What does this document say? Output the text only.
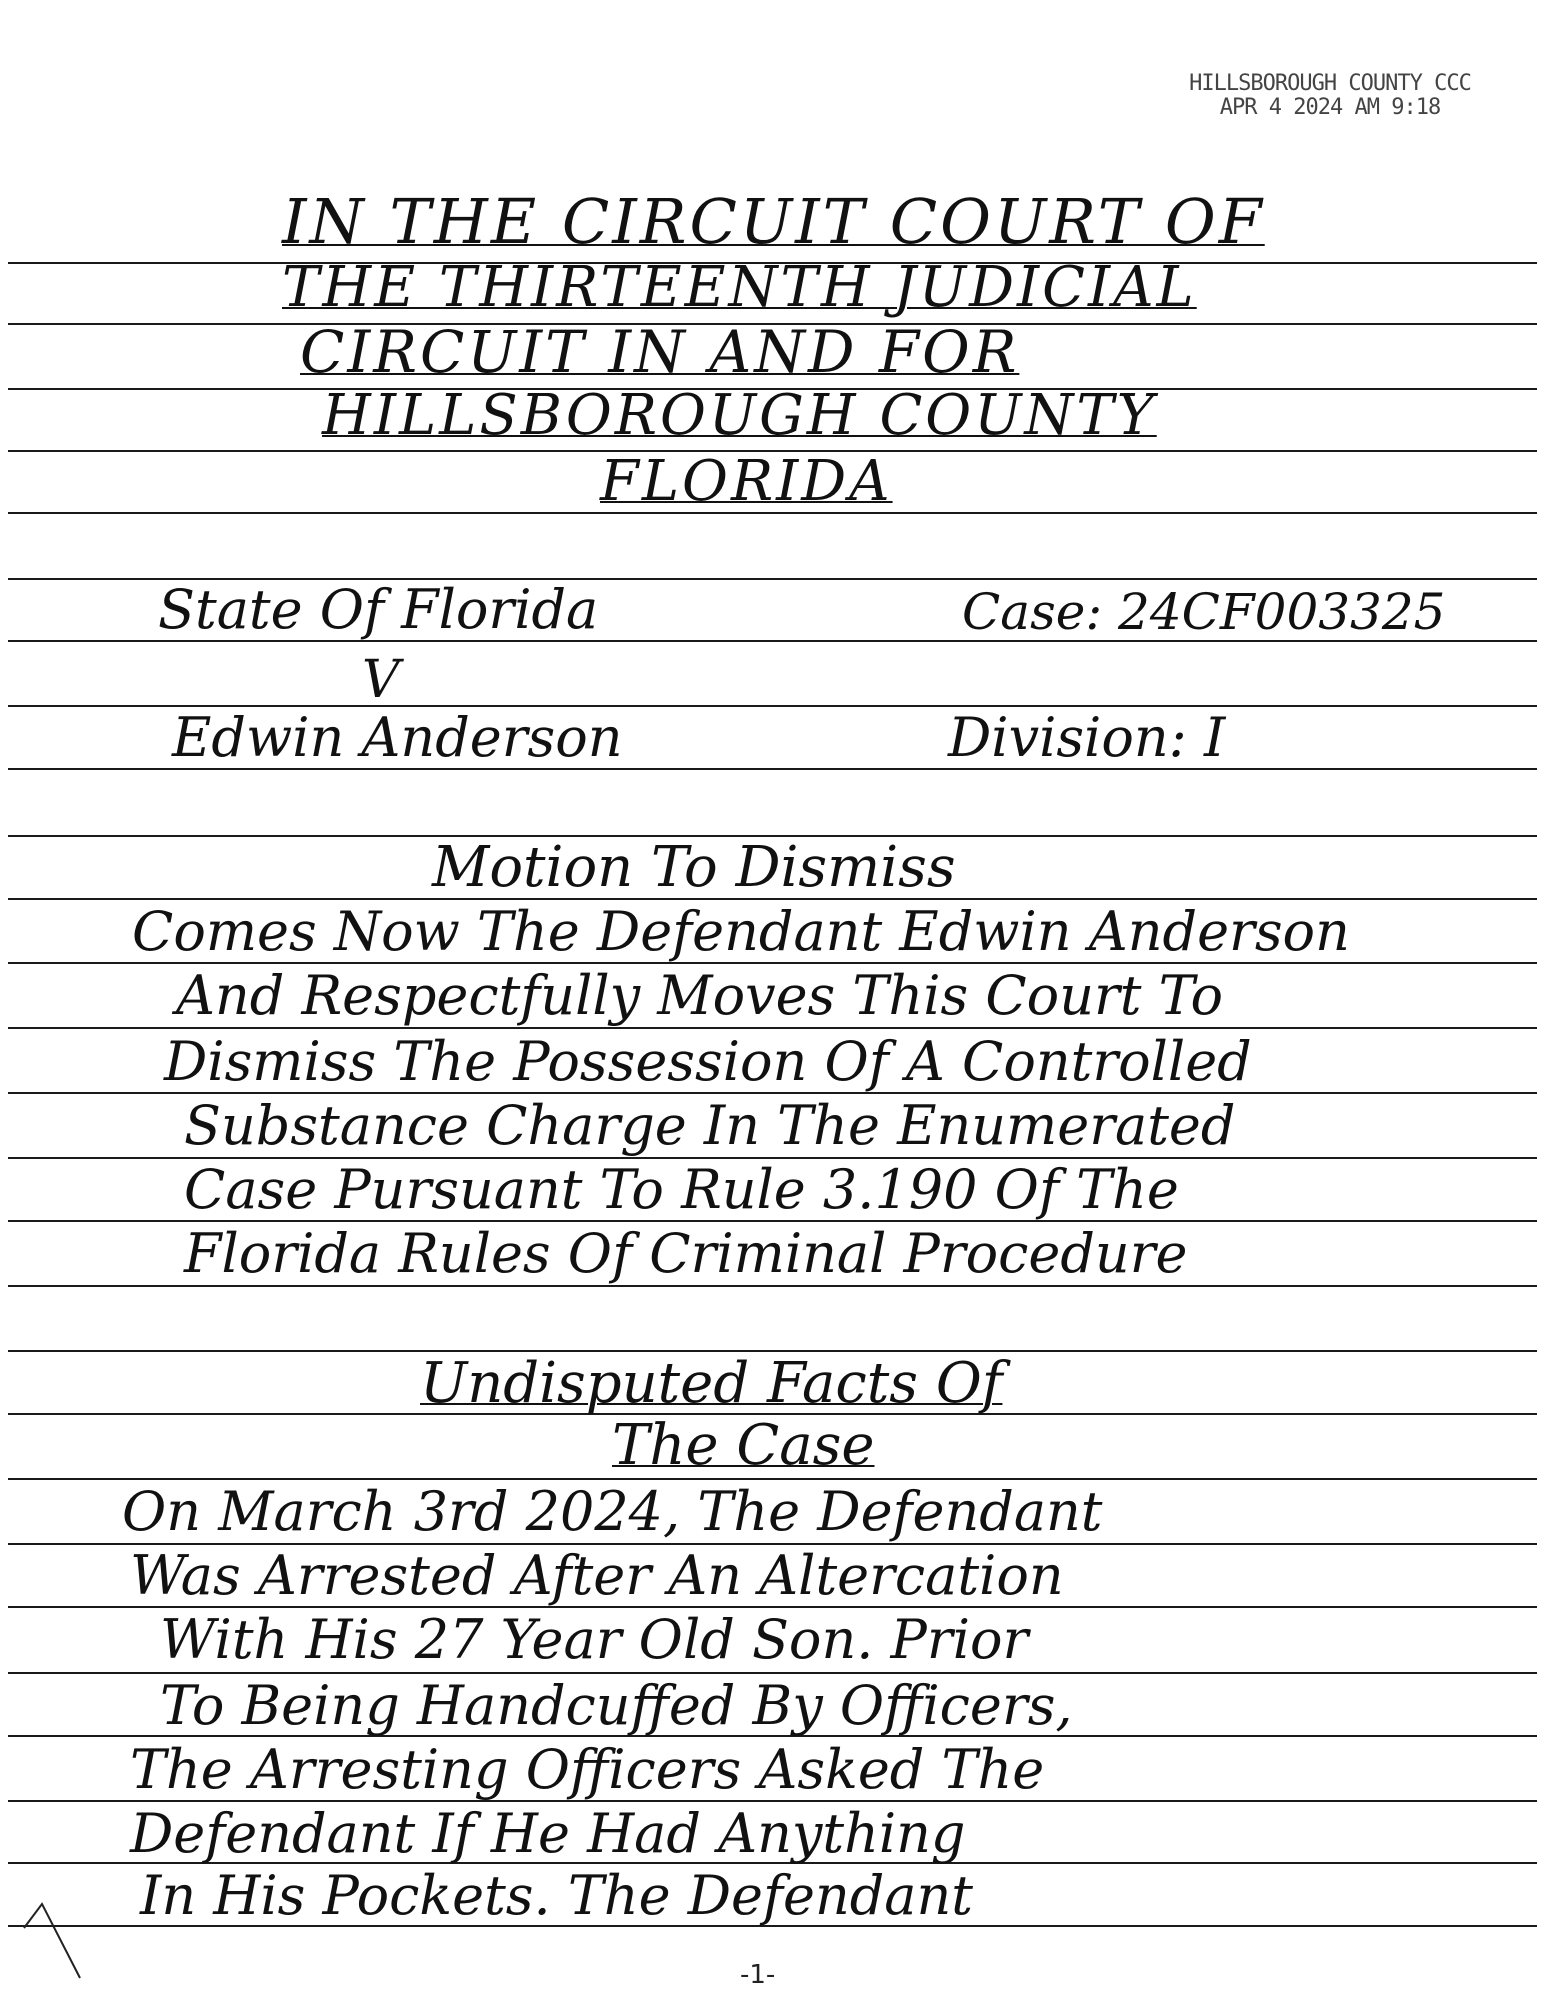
HILLSBOROUGH COUNTY CCC
APR 4 2024 AM 9:18
IN THE CIRCUIT COURT OF
THE THIRTEENTH JUDICIAL
CIRCUIT IN AND FOR
HILLSBOROUGH COUNTY
FLORIDA
State Of Florida	Case: 24CF003325
V
Edwin Anderson	Division: I
Motion To Dismiss
Comes Now The Defendant Edwin Anderson
And Respectfully Moves This Court To
Dismiss The Possession Of A Controlled
Substance Charge In The Enumerated
Case Pursuant To Rule 3.190 Of The
Florida Rules Of Criminal Procedure
Undisputed Facts Of
The Case
On March 3rd 2024, The Defendant
Was Arrested After An Altercation
With His 27 Year Old Son. Prior
To Being Handcuffed By Officers,
The Arresting Officers Asked The
Defendant If He Had Anything
In His Pockets. The Defendant
-1-
